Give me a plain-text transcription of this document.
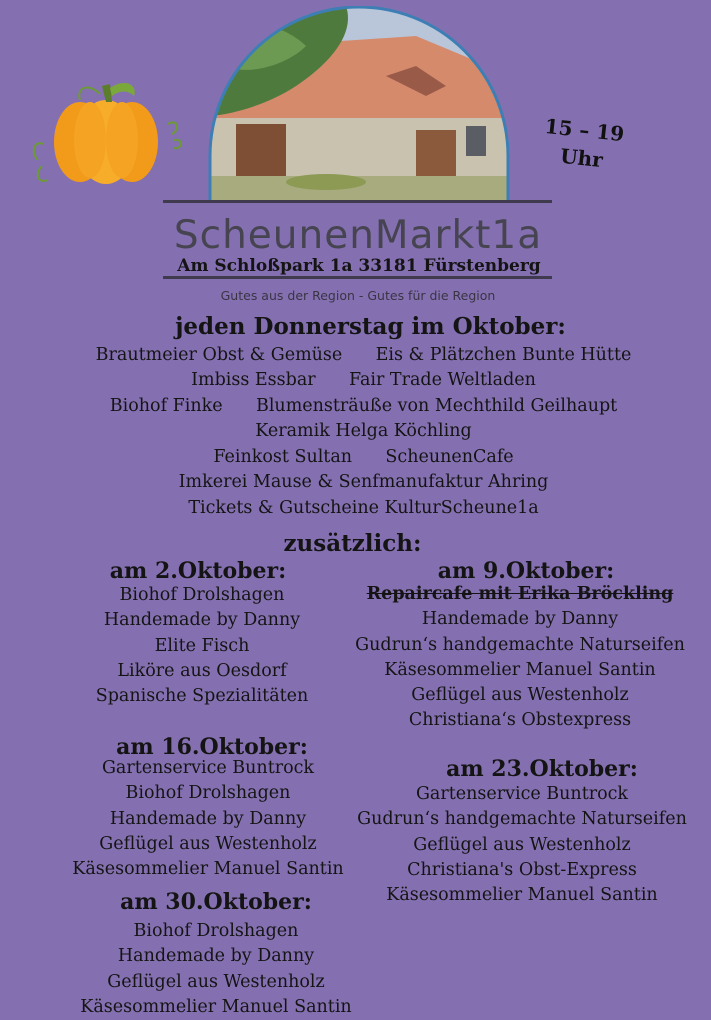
15 – 19
Uhr
ScheunenMarkt1a
Am Schloßpark 1a 33181 Fürstenberg
Gutes aus der Region - Gutes für die Region
jeden Donnerstag im Oktober:
Brautmeier Obst & Gemüse      Eis & Plätzchen Bunte Hütte
Imbiss Essbar      Fair Trade Weltladen
Biohof Finke      Blumensträuße von Mechthild Geilhaupt
Keramik Helga Köchling
Feinkost Sultan      ScheunenCafe
Imkerei Mause & Senfmanufaktur Ahring
Tickets & Gutscheine KulturScheune1a
zusätzlich:
am 2.Oktober:
Biohof Drolshagen
Handemade by Danny
Elite Fisch
Liköre aus Oesdorf
Spanische Spezialitäten
am 9.Oktober:
Repaircafe mit Erika Bröckling
Handemade by Danny
Gudrun‘s handgemachte Naturseifen
Käsesommelier Manuel Santin
Geflügel aus Westenholz
Christiana‘s Obstexpress
am 16.Oktober:
Gartenservice Buntrock
Biohof Drolshagen
Handemade by Danny
Geflügel aus Westenholz
Käsesommelier Manuel Santin
am 23.Oktober:
Gartenservice Buntrock
Gudrun‘s handgemachte Naturseifen
Geflügel aus Westenholz
Christiana's Obst-Express
Käsesommelier Manuel Santin
am 30.Oktober:
Biohof Drolshagen
Handemade by Danny
Geflügel aus Westenholz
Käsesommelier Manuel Santin
